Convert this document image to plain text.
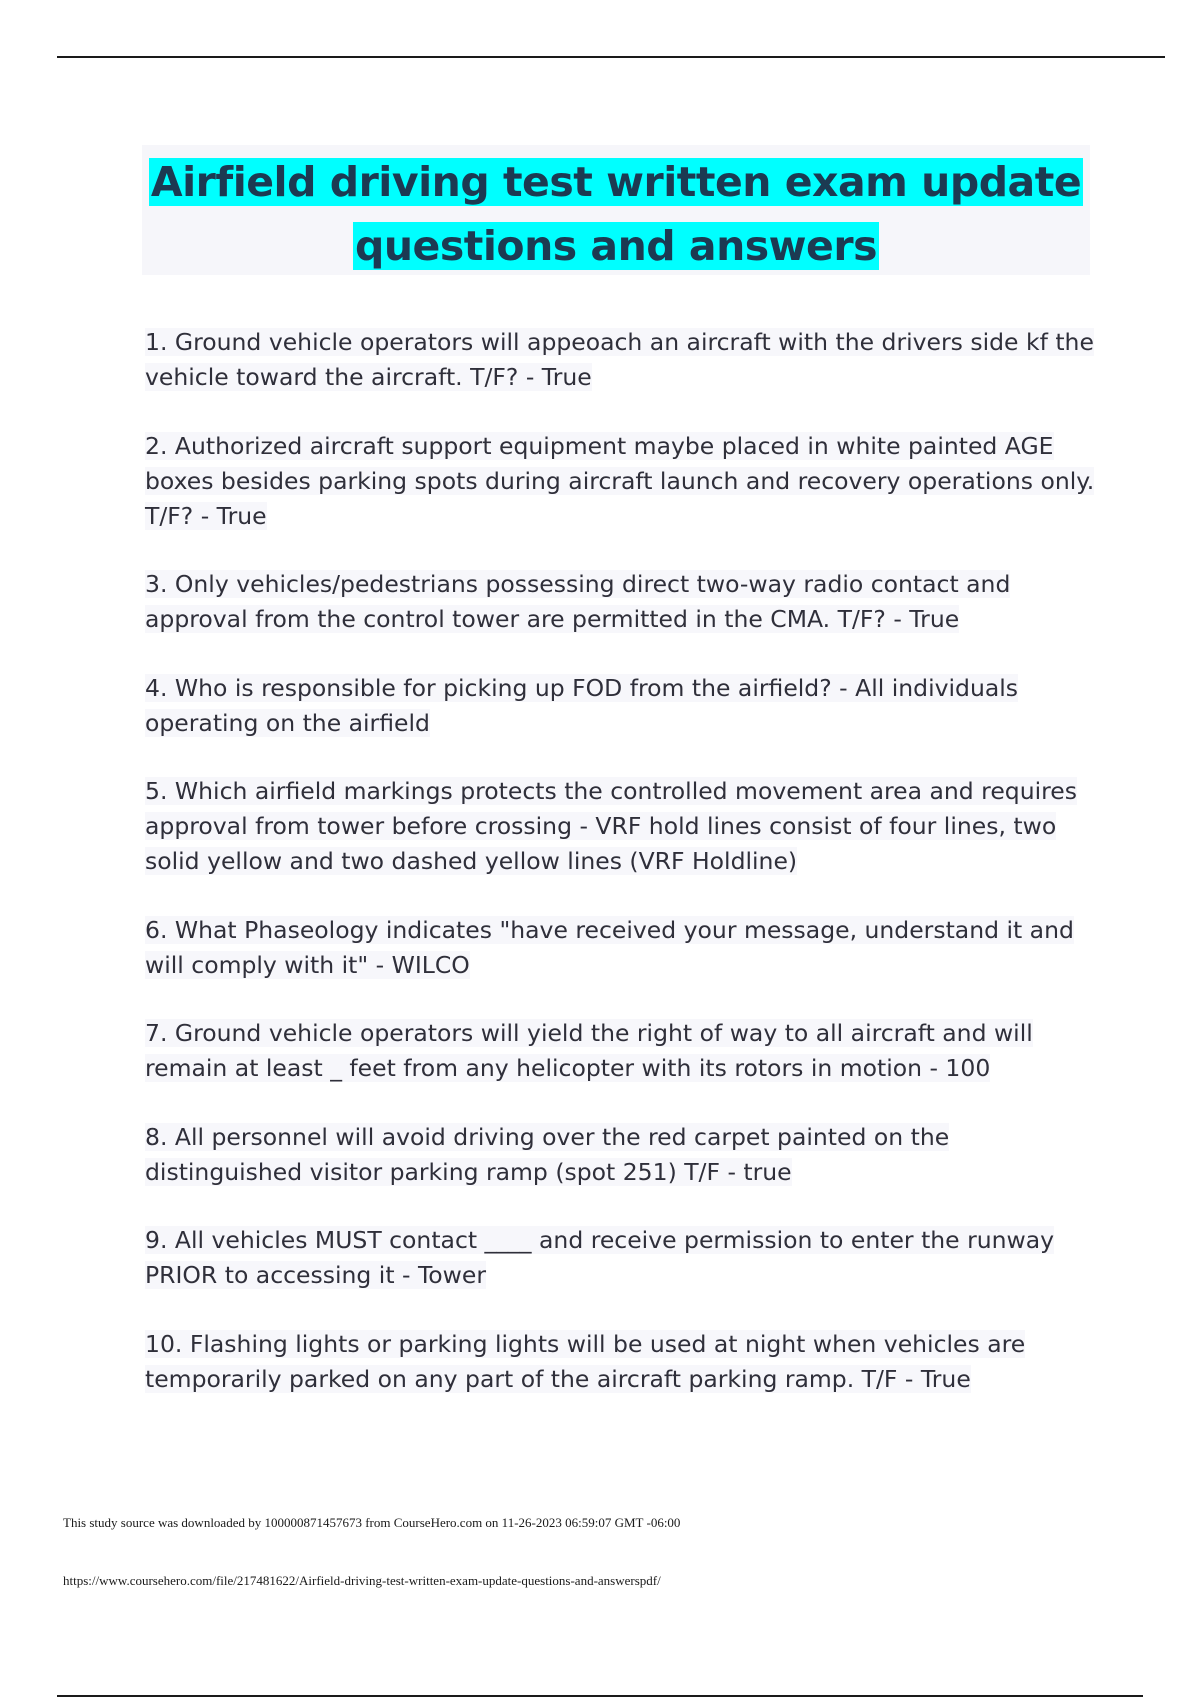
Airfield driving test written exam update
questions and answers
1. Ground vehicle operators will appeoach an aircraft with the drivers side kf the vehicle toward the aircraft. T/F? - True
2. Authorized aircraft support equipment maybe placed in white painted AGE boxes besides parking spots during aircraft launch and recovery operations only. T/F? - True
3. Only vehicles/pedestrians possessing direct two-way radio contact and approval from the control tower are permitted in the CMA. T/F? - True
4. Who is responsible for picking up FOD from the airfield? - All individuals operating on the airfield
5. Which airfield markings protects the controlled movement area and requires approval from tower before crossing - VRF hold lines consist of four lines, two solid yellow and two dashed yellow lines (VRF Holdline)
6. What Phaseology indicates "have received your message, understand it and will comply with it" - WILCO
7. Ground vehicle operators will yield the right of way to all aircraft and will remain at least _ feet from any helicopter with its rotors in motion - 100
8. All personnel will avoid driving over the red carpet painted on the distinguished visitor parking ramp (spot 251) T/F - true
9. All vehicles MUST contact ____ and receive permission to enter the runway PRIOR to accessing it - Tower
10. Flashing lights or parking lights will be used at night when vehicles are temporarily parked on any part of the aircraft parking ramp. T/F - True
This study source was downloaded by 100000871457673 from CourseHero.com on 11-26-2023 06:59:07 GMT -06:00
https://www.coursehero.com/file/217481622/Airfield-driving-test-written-exam-update-questions-and-answerspdf/
